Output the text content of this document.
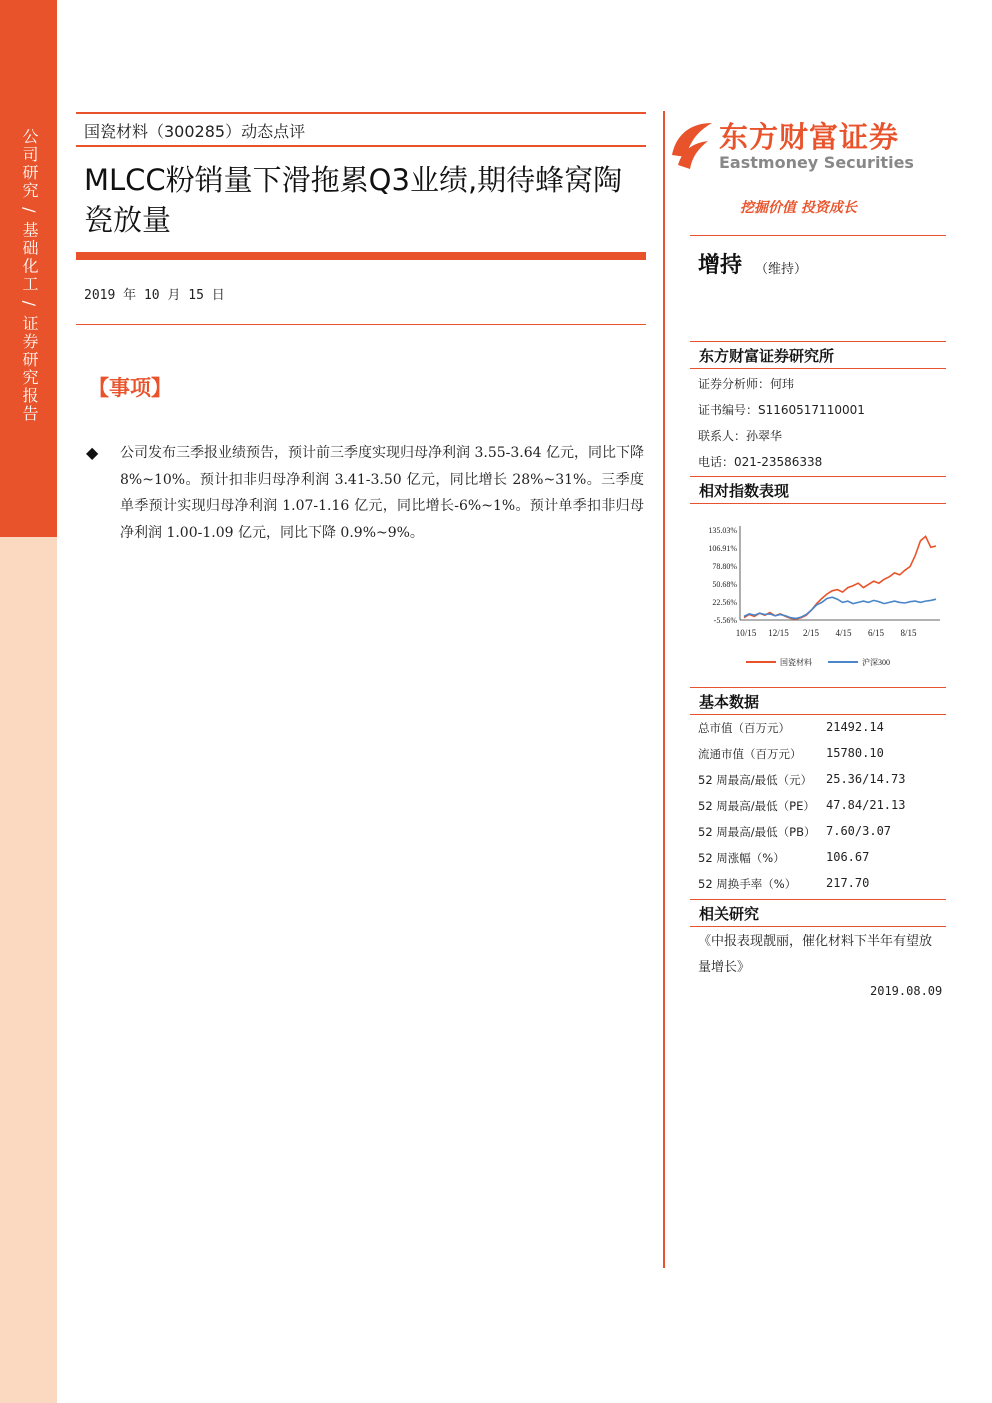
公司研究 / 基础化工 / 证券研究报告	国瓷材料（300285）动态点评
MLCC粉销量下滑拖累Q3业绩,期待蜂窝陶瓷放量
2019 年 10 月 15 日
【事项】
◆ 公司发布三季报业绩预告，预计前三季度实现归母净利润 3.55-3.64 亿元，同比下降 8%~10%。预计扣非归母净利润 3.41-3.50 亿元，同比增长 28%~31%。三季度单季预计实现归母净利润 1.07-1.16 亿元，同比增长-6%~1%。预计单季扣非归母净利润 1.00-1.09 亿元，同比下降 0.9%~9%。
东方财富证券
Eastmoney Securities
挖掘价值 投资成长
增持 （维持）
东方财富证券研究所
证券分析师：何玮
证书编号：S1160517110001
联系人：孙翠华
电话：021-23586338
相对指数表现
135.03%
106.91%
78.80%
50.68%
22.56%
-5.56%
10/15 12/15 2/15 4/15 6/15 8/15
国瓷材料	沪深300
基本数据
总市值（百万元）	21492.14
流通市值（百万元） 15780.10
52 周最高/最低（元） 25.36/14.73
52 周最高/最低（PE） 47.84/21.13
52 周最高/最低（PB） 7.60/3.07
52 周涨幅（%）	106.67
52 周换手率（%） 217.70
相关研究
《中报表现靓丽，催化材料下半年有望放量增长》
2019.08.09
